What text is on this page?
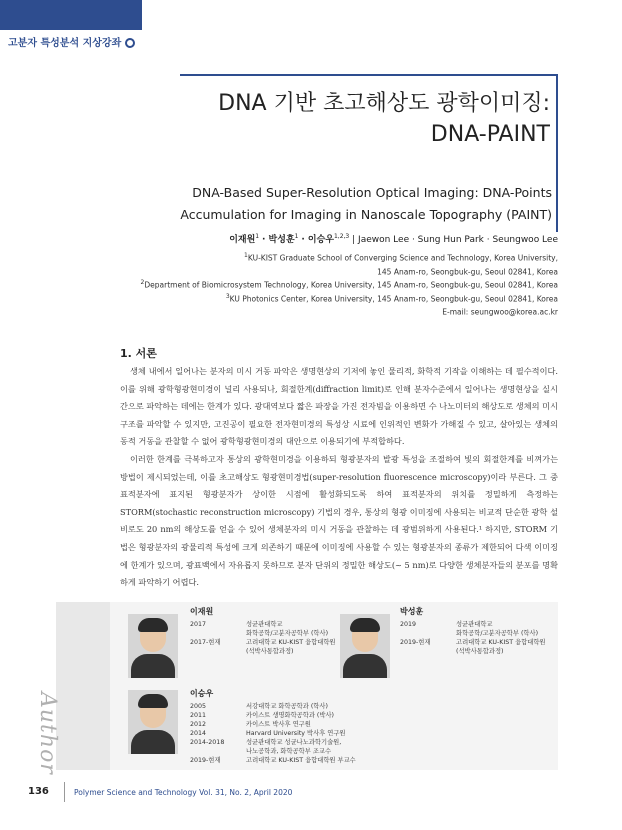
고분자 특성분석 지상강좌
DNA 기반 초고해상도 광학이미징:
DNA-PAINT
DNA-Based Super-Resolution Optical Imaging: DNA-Points
Accumulation for Imaging in Nanoscale Topography (PAINT)
이재원$^1$ · 박성훈$^1$ · 이승우$^{1,2,3}$ | Jaewon Lee · Sung Hun Park · Seungwoo Lee
$^1$KU-KIST Graduate School of Converging Science and Technology, Korea University,
145 Anam-ro, Seongbuk-gu, Seoul 02841, Korea
$^2$Department of Biomicrosystem Technology, Korea University, 145 Anam-ro, Seongbuk-gu, Seoul 02841, Korea
$^3$KU Photonics Center, Korea University, 145 Anam-ro, Seongbuk-gu, Seoul 02841, Korea
E-mail: seungwoo@korea.ac.kr
1. 서론

생체 내에서 일어나는 분자의 미시 거동 파악은 생명현상의 기저에 놓인 물리적, 화학적 기작을 이해하는 데 필수적이다. 이를 위해 광학형광현미경이 널리 사용되나, 회절한계(diffraction limit)로 인해 분자수준에서 일어나는 생명현상을 실시간으로 파악하는 데에는 한계가 있다. 광대역보다 짧은 파장을 가진 전자빔을 이용하면 수 나노미터의 해상도로 생체의 미시구조를 파악할 수 있지만, 고진공이 필요한 전자현미경의 특성상 시료에 인위적인 변화가 가해질 수 있고, 살아있는 생체의 동적 거동을 관찰할 수 없어 광학형광현미경의 대안으로 이용되기에 부적합하다.

이러한 한계를 극복하고자 통상의 광학현미경을 이용하되 형광분자의 발광 특성을 조절하여 빛의 회절한계를 비껴가는 방법이 제시되었는데, 이를 초고해상도 형광현미경법(super-resolution fluorescence microscopy)이라 부른다. 그 중 표적분자에 표지된 형광분자가 상이한 시점에 활성화되도록 하여 표적분자의 위치를 정밀하게 측정하는 STORM(stochastic reconstruction microscopy) 기법의 경우, 통상의 형광 이미징에 사용되는 비교적 단순한 광학 설비로도 20 nm의 해상도를 얻을 수 있어 생체분자의 미시 거동을 관찰하는 데 광범위하게 사용된다.¹ 하지만, STORM 기법은 형광분자의 광물리적 특성에 크게 의존하기 때문에 이미징에 사용할 수 있는 형광분자의 종류가 제한되어 다색 이미징에 한계가 있으며, 광표백에서 자유롭지 못하므로 분자 단위의 정밀한 해상도(~ 5 nm)로 다양한 생체분자들의 분포를 명확하게 파악하기 어렵다.

Author
이재원
2017	성균관대학교
화학공학/고분자공학부 (학사)
2017-현재	고려대학교 KU-KIST 융합대학원
(석박사통합과정)
박성훈
2019	성균관대학교
화학공학/고분자공학부 (학사)
2019-현재	고려대학교 KU-KIST 융합대학원
(석박사통합과정)
이승우
2005	서강대학교 화학공학과 (학사)
2011	카이스트 생명화학공학과 (박사)
2012	카이스트 박사후 연구원
2014	Harvard University 박사후 연구원
2014-2018	성균관대학교 성균나노과학기술원,
나노공학과, 화학공학부 조교수
2019-현재	고려대학교 KU-KIST 융합대학원 부교수
136	Polymer Science and Technology Vol. 31, No. 2, April 2020
